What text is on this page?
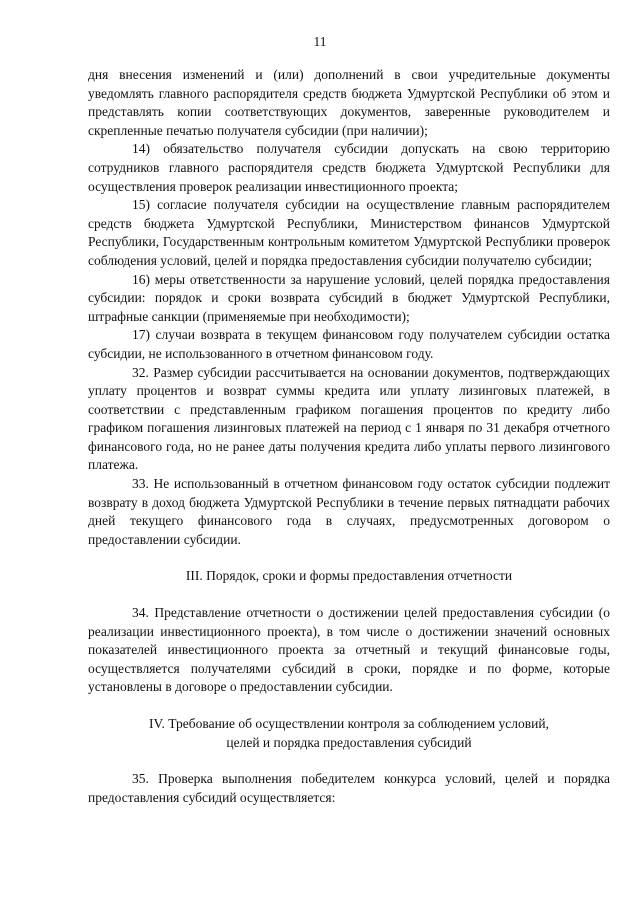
11

дня внесения изменений и (или) дополнений в свои учредительные документы уведомлять главного распорядителя средств бюджета Удмуртской Республики об этом и представлять копии соответствующих документов, заверенные руководителем и скрепленные печатью получателя субсидии (при наличии);

14) обязательство получателя субсидии допускать на свою территорию сотрудников главного распорядителя средств бюджета Удмуртской Республики для осуществления проверок реализации инвестиционного проекта;

15) согласие получателя субсидии на осуществление главным распорядителем средств бюджета Удмуртской Республики, Министерством финансов Удмуртской Республики, Государственным контрольным комитетом Удмуртской Республики проверок соблюдения условий, целей и порядка предоставления субсидии получателю субсидии;

16) меры ответственности за нарушение условий, целей порядка предоставления субсидии: порядок и сроки возврата субсидий в бюджет Удмуртской Республики, штрафные санкции (применяемые при необходимости);

17) случаи возврата в текущем финансовом году получателем субсидии остатка субсидии, не использованного в отчетном финансовом году.

32. Размер субсидии рассчитывается на основании документов, подтверждающих уплату процентов и возврат суммы кредита или уплату лизинговых платежей, в соответствии с представленным графиком погашения процентов по кредиту либо графиком погашения лизинговых платежей на период с 1 января по 31 декабря отчетного финансового года, но не ранее даты получения кредита либо уплаты первого лизингового платежа.

33. Не использованный в отчетном финансовом году остаток субсидии подлежит возврату в доход бюджета Удмуртской Республики в течение первых пятнадцати рабочих дней текущего финансового года в случаях, предусмотренных договором о предоставлении субсидии.

III. Порядок, сроки и формы предоставления отчетности

34. Представление отчетности о достижении целей предоставления субсидии (о реализации инвестиционного проекта), в том числе о достижении значений основных показателей инвестиционного проекта за отчетный и текущий финансовые годы, осуществляется получателями субсидий в сроки, порядке и по форме, которые установлены в договоре о предоставлении субсидии.

IV. Требование об осуществлении контроля за соблюдением условий,

целей и порядка предоставления субсидий

35. Проверка выполнения победителем конкурса условий, целей и порядка предоставления субсидий осуществляется:
